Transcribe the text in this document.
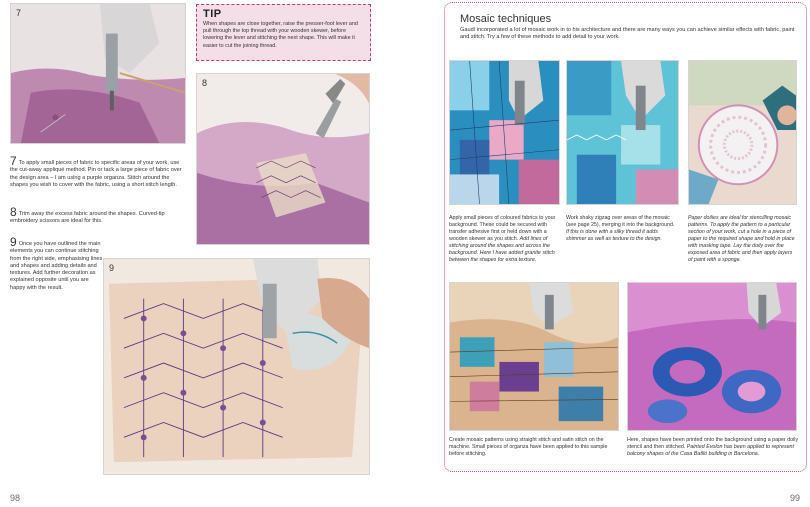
7	TIP
When shapes are close together, raise the presser-foot lever and pull through the top thread with your wooden skewer, before lowering the lever and stitching the next shape. This will make it easier to cut the joining thread.
8
7 To apply small pieces of fabric to specific areas of your work, use the cut-away appliqué method. Pin or tack a large piece of fabric over the design area – I am using a purple organza. Stitch around the shapes you wish to cover with the fabric, using a short stitch length.
8 Trim away the excess fabric around the shapes. Curved-tip embroidery scissors are ideal for this.
9 Once you have outlined the main elements you can continue stitching from the right side, emphasising lines and shapes and adding details and textures. Add further decoration as explained opposite until you are happy with the result.
9
98
Mosaic techniques
Gaudí incorporated a lot of mosaic work in to his architecture and there are many ways you can achieve similar effects with fabric, paint and stitch. Try a few of these methods to add detail to your work.
Apply small pieces of coloured fabrics to your background. These could be secured with transfer adhesive first or held down with a wooden skewer as you stitch. Add lines of stitching around the shapes and across the background. Here I have added granite stitch between the shapes for extra texture.
Work shaky zigzag over areas of the mosaic (see page 25), merging it into the background. If this is done with a silky thread it adds shimmer as well as texture to the design.
Paper doilies are ideal for stencilling mosaic patterns. To apply the pattern to a particular section of your work, cut a hole in a piece of paper to the required shape and hold in place with masking tape. Lay the doily over the exposed area of fabric and then apply layers of paint with a sponge.
Create mosaic patterns using straight stitch and satin stitch on the machine. Small pieces of organza have been applied to this sample before stitching.
Here, shapes have been printed onto the background using a paper doily stencil and then stitched. Painted Evolon has been applied to represent balcony shapes of the Casa Batlló building in Barcelona.
99
